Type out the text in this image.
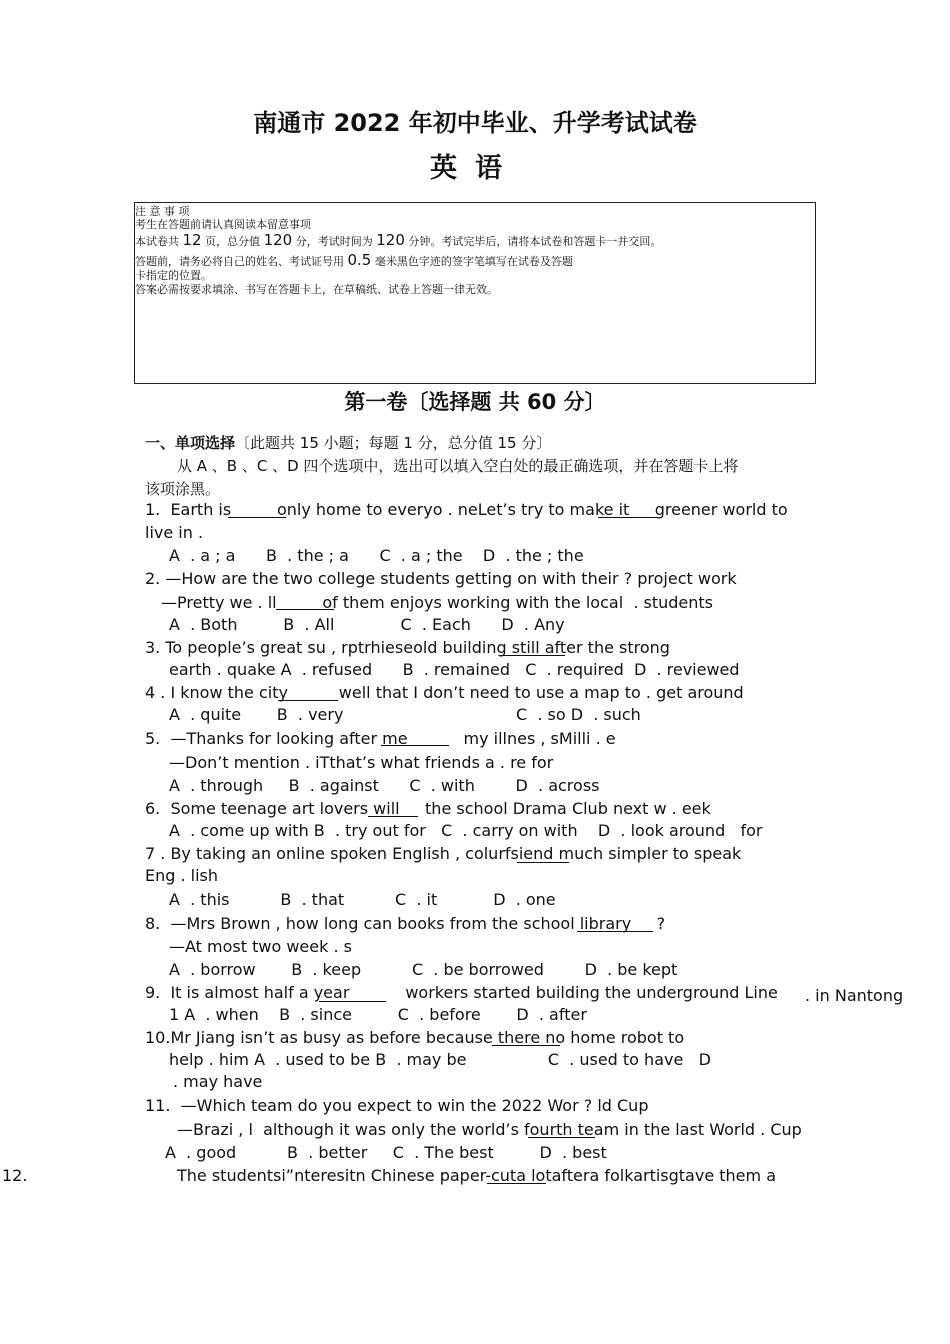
南通市 2022 年初中毕业、升学考试试卷
英语
注 意 事 项
考生在答题前请认真阅读本留意事项
本试卷共 12 页，总分值 120 分，考试时间为 120 分钟。考试完毕后，请将本试卷和答题卡一并交回。
答题前，请务必将自己的姓名、考试证号用 0.5 毫米黑色字迹的签字笔填写在试卷及答题
卡指定的位置。
答案必需按要求填涂、书写在答题卡上，在草稿纸、试卷上答题一律无效。
第一卷〔选择题 共 60 分〕
一、单项选择〔此题共 15 小题；每题 1 分，总分值 15 分〕
从 A 、B 、C 、D 四个选项中，选出可以填入空白处的最正确选项，并在答题卡上将
该项涂黑。
1.  Earth is         only home to everyo . neLet’s try to make it     greener world to
live in .
A  . a ; a      B  . the ; a      C  . a ; the    D  . the ; the
2. —How are the two college students getting on with their ? project work
—Pretty we . ll         of them enjoys working with the local  . students
A  . Both         B  . All             C  . Each      D  . Any
3. To people’s great su , rptrhieseold building still after the strong
earth . quake A  . refused      B  . remained   C  . required  D  . reviewed
4 . I know the city          well that I don’t need to use a map to . get around
A  . quite       B  . very	C  . so D  . such
5.  —Thanks for looking after me           my illnes , sMilli . e
—Don’t mention . iTthat’s what friends a . re for
A  . through     B  . against      C  . with        D  . across
6.  Some teenage art lovers will     the school Drama Club next w . eek
A  . come up with B  . try out for   C  . carry on with    D  . look around   for
7 . By taking an online spoken English , colurfsiend much simpler to speak
Eng . lish
A  . this          B  . that          C  . it           D  . one
8.  —Mrs Brown , how long can books from the school library     ?
—At most two week . s
A  . borrow       B  . keep          C  . be borrowed        D  . be kept
9.  It is almost half a year           workers started building the underground Line . in Nantong
1 A  . when    B  . since         C  . before       D  . after
10.Mr Jiang isn’t as busy as before because there no home robot to
help . him A  . used to be B  . may be                C  . used to have   D
. may have
11.  —Which team do you expect to win the 2022 Wor ? ld Cup
—Brazi , l  although it was only the world’s fourth team in the last World . Cup
A  . good          B  . better     C  . The best         D  . best
12.	The studentsi”nteresitn Chinese paper-cuta lotaftera folkartisgtave them a
